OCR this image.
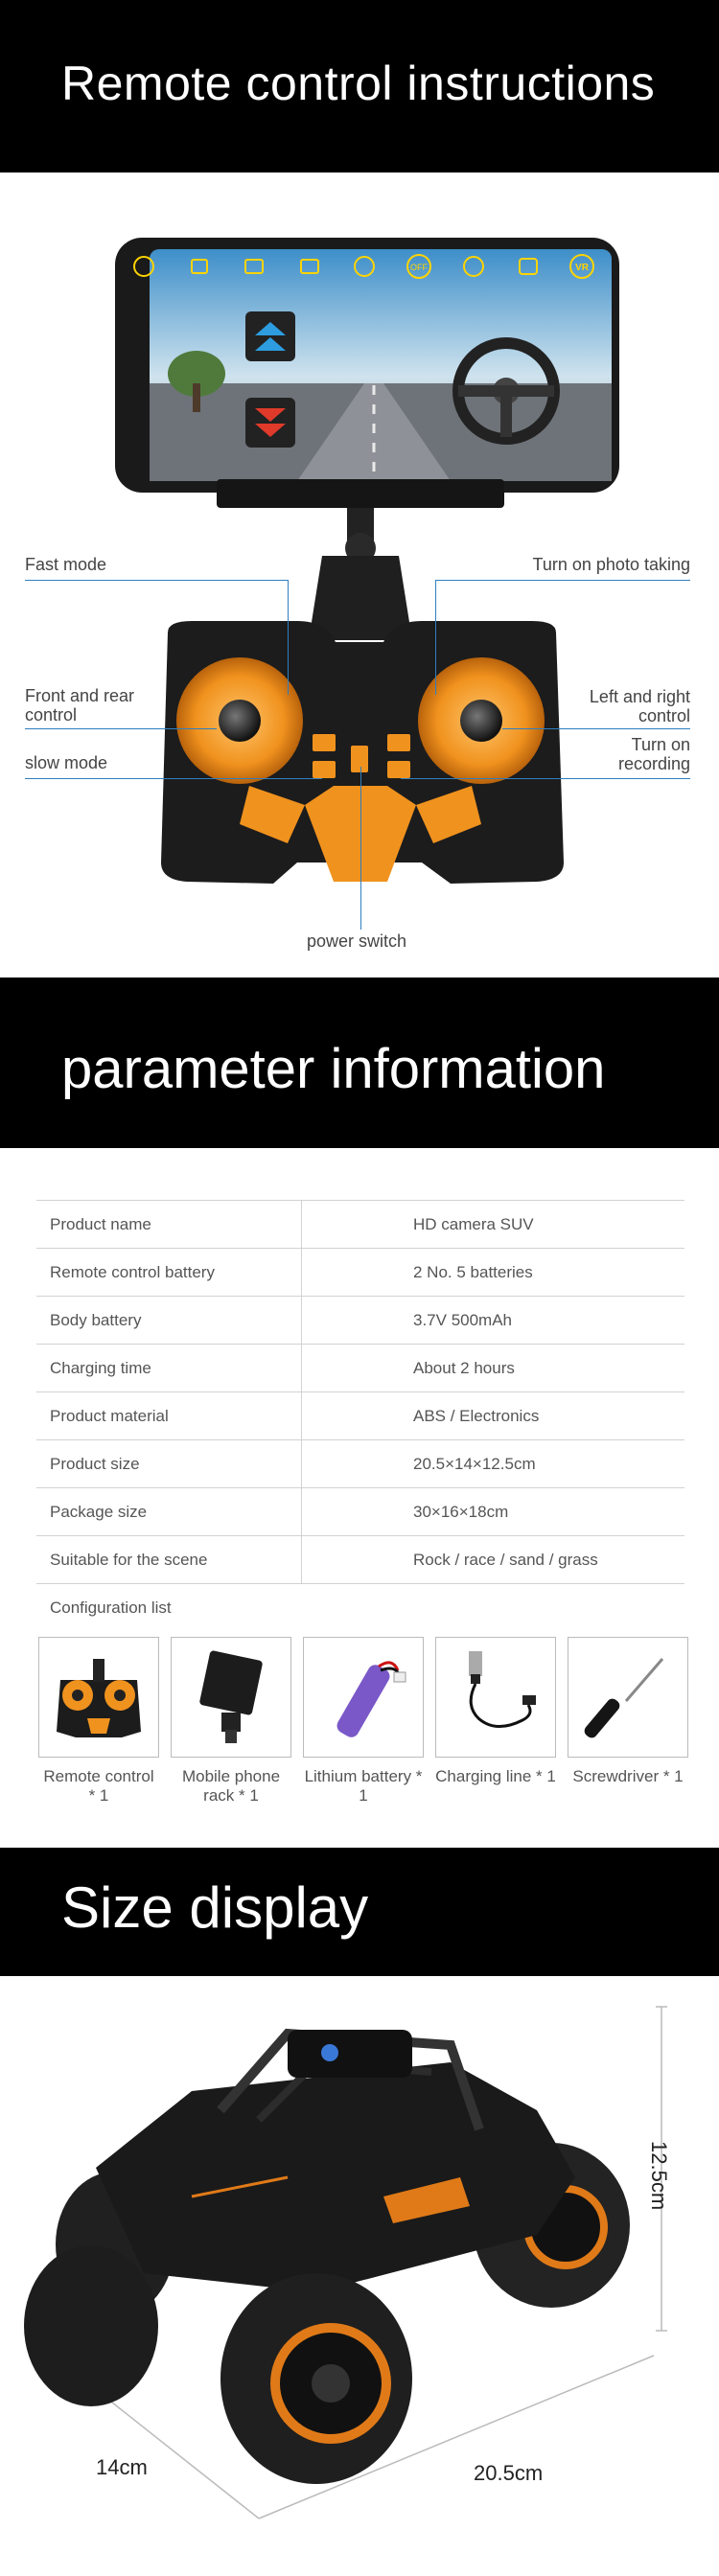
Remote control instructions
OFF	VR
Fast mode	Turn on photo taking
Front and rear control
Left and right control
slow mode
Turn on recording
power switch
parameter information
Product name	HD camera SUV
Remote control battery	2 No. 5 batteries
Body battery	3.7V 500mAh
Charging time	About 2 hours
Product material	ABS / Electronics
Product size	20.5×14×12.5cm
Package size	30×16×18cm
Suitable for the scene	Rock / race / sand / grass
Configuration list
Remote control * 1
Mobile phone rack * 1
Lithium battery * 1
Charging line * 1	Screwdriver * 1
Size display
12.5cm
14cm	20.5cm
